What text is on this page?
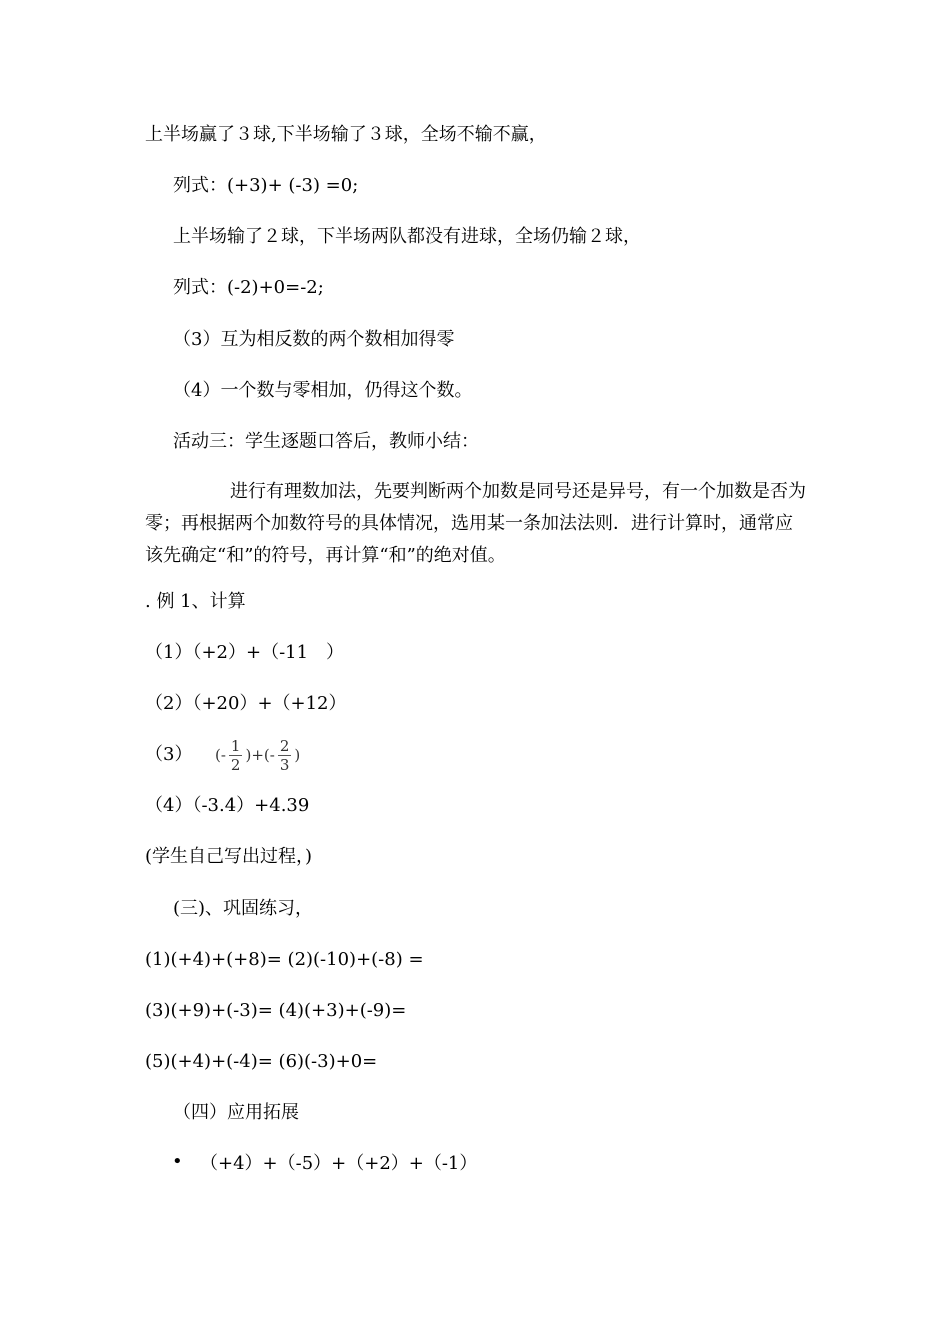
上半场赢了３球,下半场输了３球，全场不输不赢，
列式：(+3)+ (-3) =0;
上半场输了２球，下半场两队都没有进球，全场仍输２球，
列式：(-2)+0=-2;
（3）互为相反数的两个数相加得零
（4）一个数与零相加，仍得这个数。
活动三：学生逐题口答后，教师小结：
进行有理数加法，先要判断两个加数是同号还是异号，有一个加数是否为零；再根据两个加数符号的具体情况，选用某一条加法法则．进行计算时，通常应该先确定“和”的符号，再计算“和”的绝对值。
. 例 1、计算
（1）（+2）+（-11　）
（2）（+20）+（+12）
（3） (- $\frac{1}{2}$ )+(- $\frac{2}{3}$ )
（4）（-3.4）+4.39
(学生自己写出过程，)
(三)、巩固练习，
(1)(+4)+(+8)= (2)(-10)+(-8) =
(3)(+9)+(-3)= (4)(+3)+(-9)=
(5)(+4)+(-4)= (6)(-3)+0=
（四）应用拓展
• （+4）+（-5）+（+2）+（-1）
